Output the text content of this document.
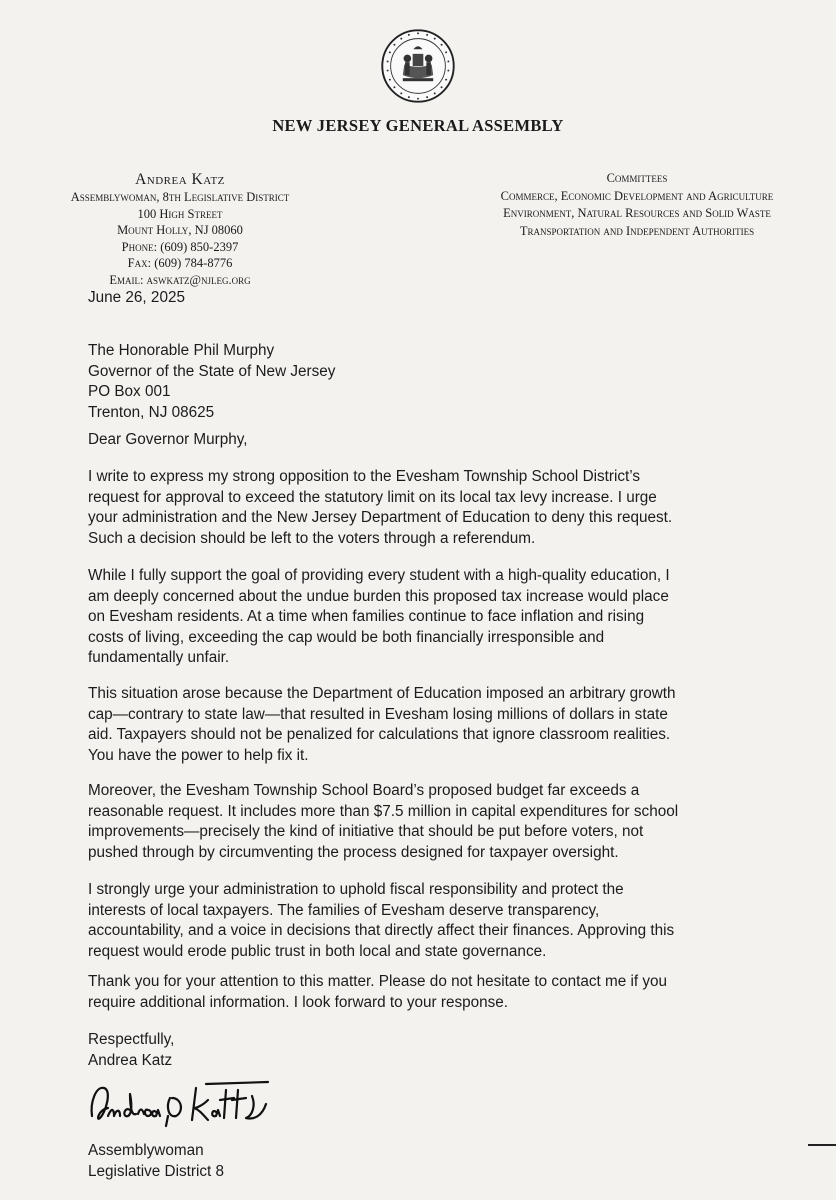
NEW JERSEY GENERAL ASSEMBLY
Andrea Katz
Assemblywoman, 8th Legislative District
100 High Street
Mount Holly, NJ 08060
Phone: (609) 850-2397
Fax: (609) 784-8776
Email: aswkatz@njleg.org
Committees
Commerce, Economic Development and Agriculture
Environment, Natural Resources and Solid Waste
Transportation and Independent Authorities
June 26, 2025
The Honorable Phil Murphy
Governor of the State of New Jersey
PO Box 001
Trenton, NJ 08625
Dear Governor Murphy,

I write to express my strong opposition to the Evesham Township School District’s
request for approval to exceed the statutory limit on its local tax levy increase. I urge
your administration and the New Jersey Department of Education to deny this request.
Such a decision should be left to the voters through a referendum.

While I fully support the goal of providing every student with a high-quality education, I
am deeply concerned about the undue burden this proposed tax increase would place
on Evesham residents. At a time when families continue to face inflation and rising
costs of living, exceeding the cap would be both financially irresponsible and
fundamentally unfair.

This situation arose because the Department of Education imposed an arbitrary growth
cap—contrary to state law—that resulted in Evesham losing millions of dollars in state
aid. Taxpayers should not be penalized for calculations that ignore classroom realities.
You have the power to help fix it.

Moreover, the Evesham Township School Board’s proposed budget far exceeds a
reasonable request. It includes more than $7.5 million in capital expenditures for school
improvements—precisely the kind of initiative that should be put before voters, not
pushed through by circumventing the process designed for taxpayer oversight.

I strongly urge your administration to uphold fiscal responsibility and protect the
interests of local taxpayers. The families of Evesham deserve transparency,
accountability, and a voice in decisions that directly affect their finances. Approving this
request would erode public trust in both local and state governance.

Thank you for your attention to this matter. Please do not hesitate to contact me if you
require additional information. I look forward to your response.

Respectfully,
Andrea Katz
Assemblywoman
Legislative District 8
